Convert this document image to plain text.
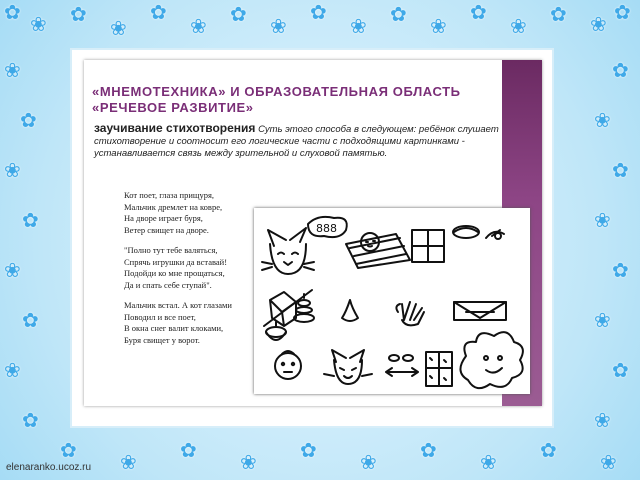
✿ ❀ ✿
❀
✿
❀ ✿ ❀
✿
❀ ✿ ❀
✿
❀ ✿ ❀ ✿
❀
✿
❀
✿
❀
✿
❀
✿
✿
❀
✿
❀
✿
❀
✿
❀
✿ ❀ ✿ ❀ ✿ ❀ ✿ ❀ ✿ ❀
«МНЕМОТЕХНИКА» И ОБРАЗОВАТЕЛЬНАЯ ОБЛАСТЬ «РЕЧЕВОЕ РАЗВИТИЕ»
заучивание стихотворения Суть этого способа в следующем: ребёнок слушает стихотворение и соотносит его логические части с подходящими картинками - устанавливается связь между зрительной и слуховой памятью.
Кот поет, глаза прищуря,
Мальчик дремлет на ковре,
На дворе играет буря,
Ветер свищет на дворе.
"Полно тут тебе валяться,
Спрячь игрушки да вставай!
Подойди ко мне прощаться,
Да и спать себе ступай".
Мальчик встал. А кот глазами
Поводил и все поет,
В окна снег валит клоками,
Буря свищет у ворот.
888
elenaranko.ucoz.ru
